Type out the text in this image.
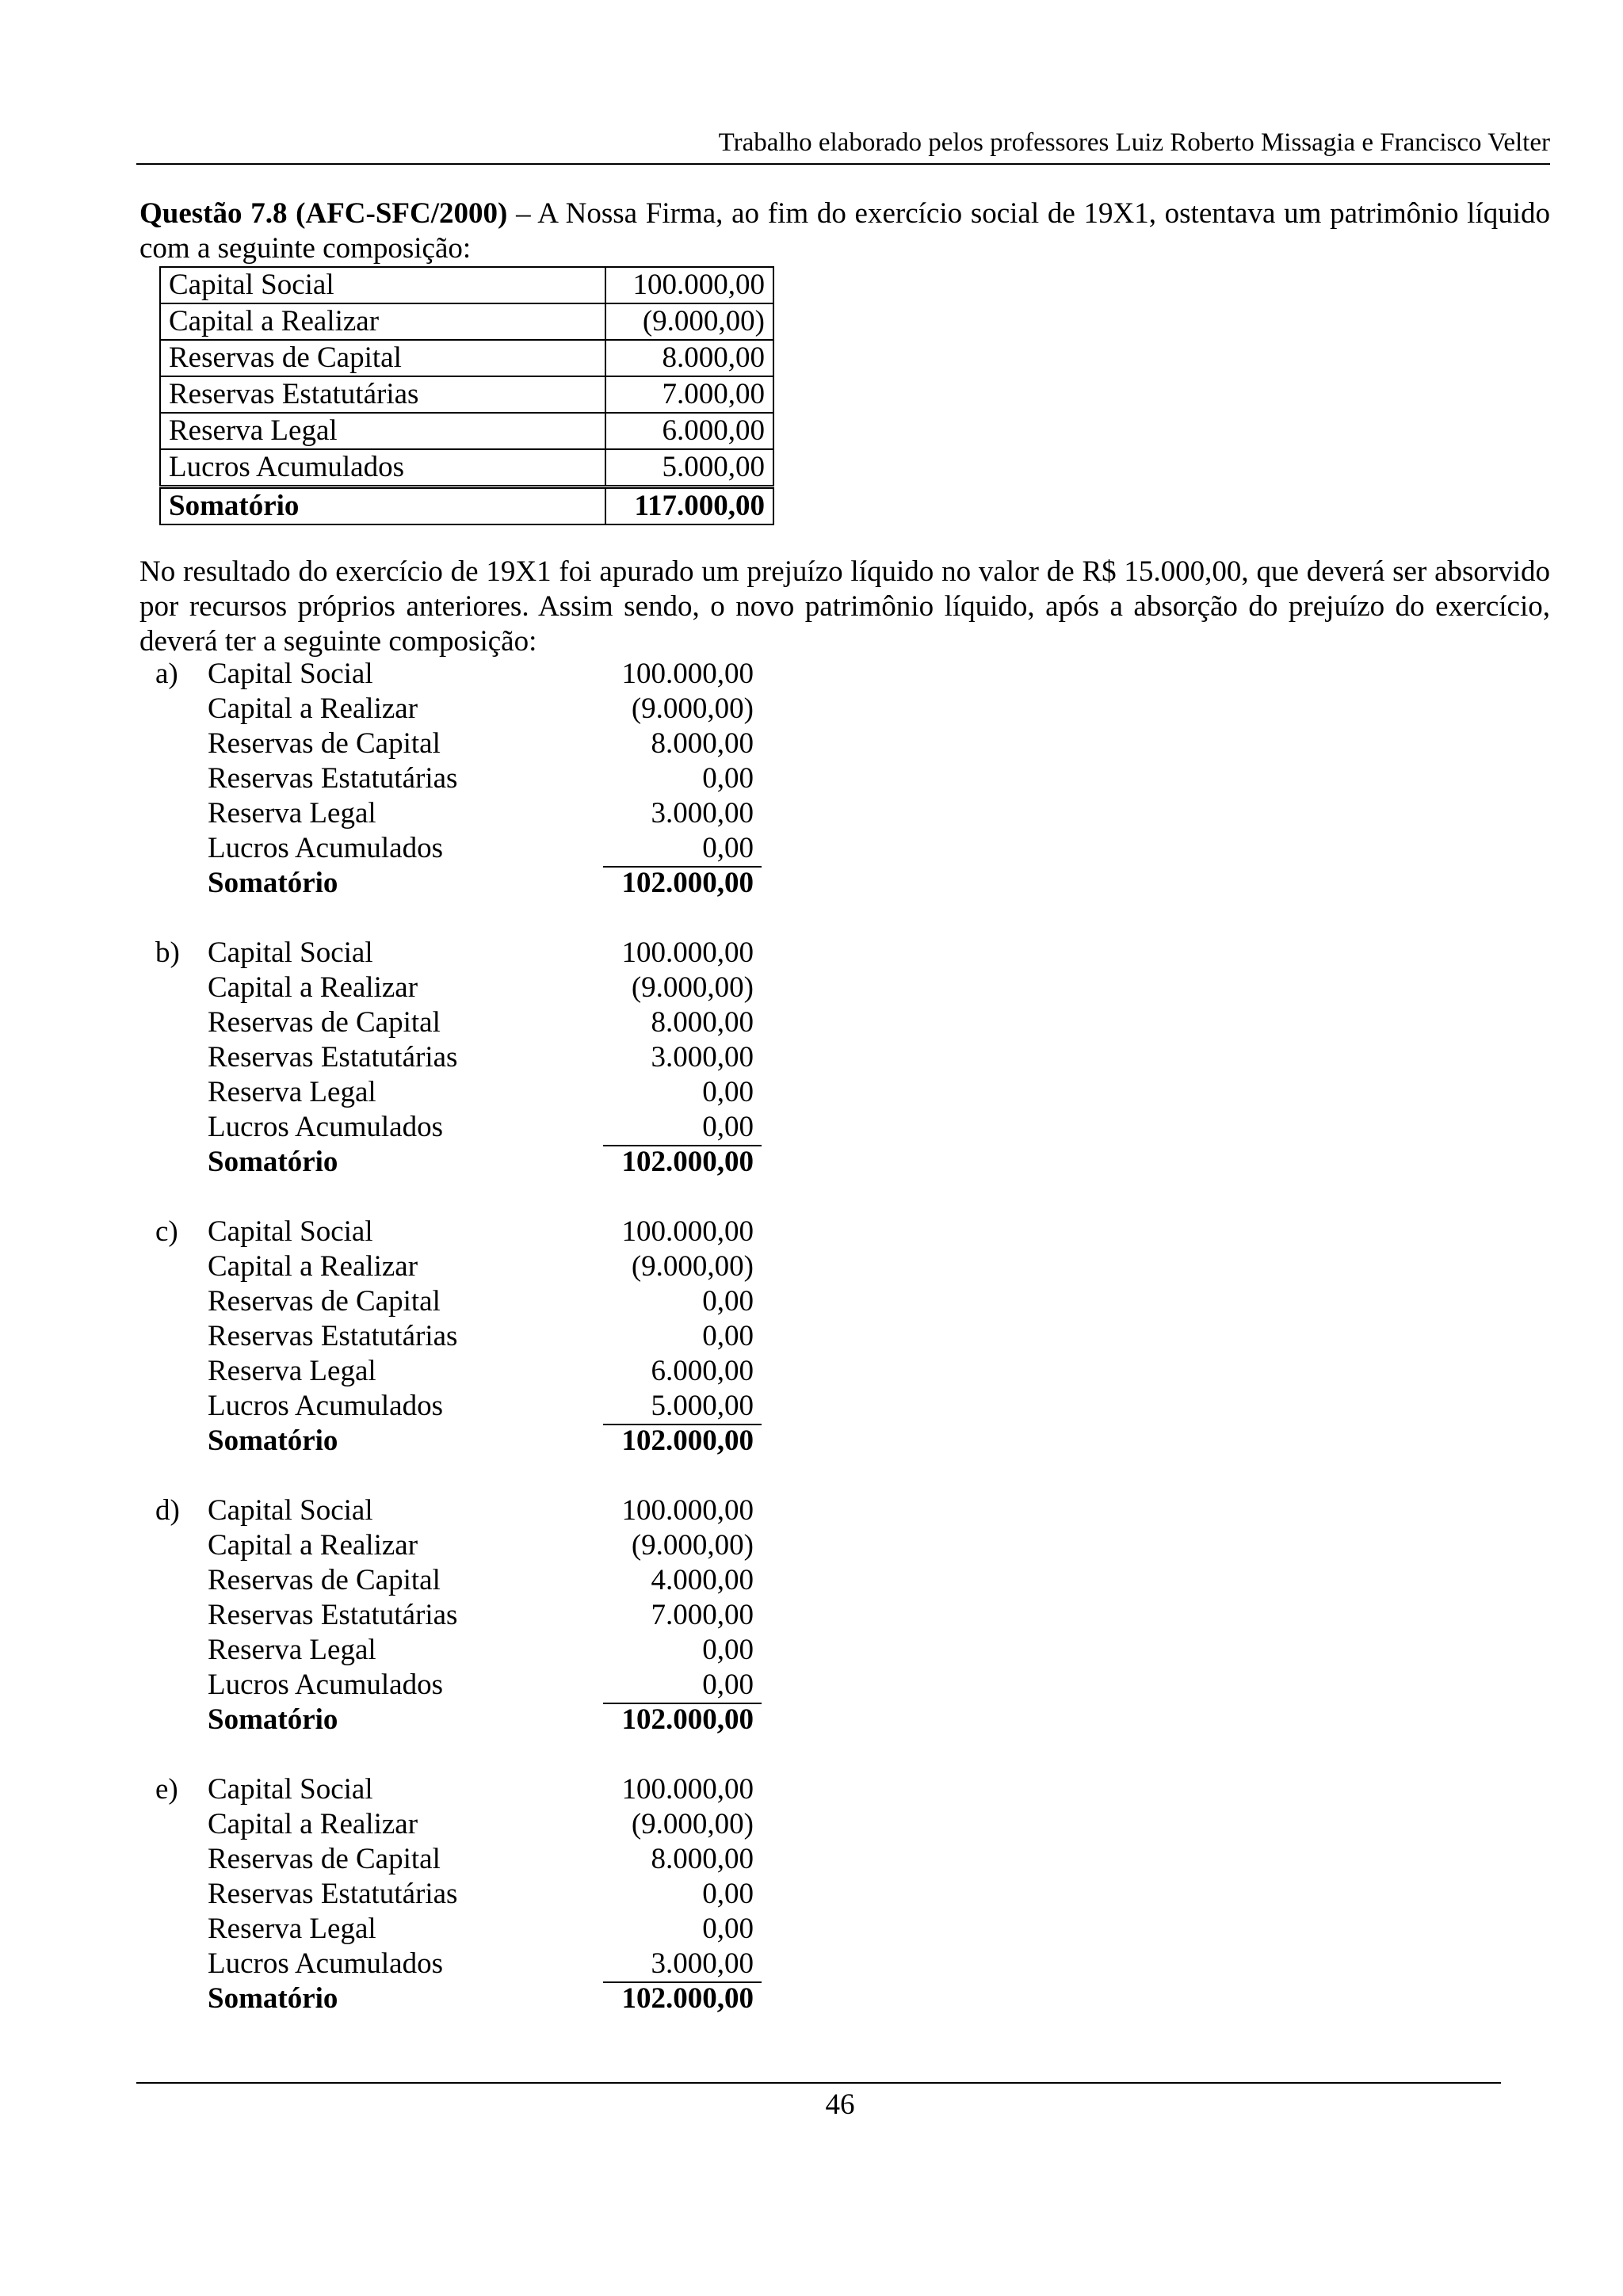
Trabalho elaborado pelos professores Luiz Roberto Missagia e Francisco Velter
Questão 7.8 (AFC-SFC/2000) – A Nossa Firma, ao fim do exercício social de 19X1, ostentava um patrimônio líquido com a seguinte composição:
Capital Social	100.000,00
Capital a Realizar	(9.000,00)
Reservas de Capital	8.000,00
Reservas Estatutárias	7.000,00
Reserva Legal	6.000,00
Lucros Acumulados	5.000,00
Somatório	117.000,00
No resultado do exercício de 19X1 foi apurado um prejuízo líquido no valor de R$ 15.000,00, que deverá ser absorvido por recursos próprios anteriores. Assim sendo, o novo patrimônio líquido, após a absorção do prejuízo do exercício, deverá ter a seguinte composição:
a) Capital Social	100.000,00
Capital a Realizar	(9.000,00)
Reservas de Capital	8.000,00
Reservas Estatutárias	0,00
Reserva Legal	3.000,00
Lucros Acumulados	0,00
Somatório	102.000,00
b) Capital Social	100.000,00
Capital a Realizar	(9.000,00)
Reservas de Capital	8.000,00
Reservas Estatutárias	3.000,00
Reserva Legal	0,00
Lucros Acumulados	0,00
Somatório	102.000,00
c) Capital Social	100.000,00
Capital a Realizar	(9.000,00)
Reservas de Capital	0,00
Reservas Estatutárias	0,00
Reserva Legal	6.000,00
Lucros Acumulados	5.000,00
Somatório	102.000,00
d) Capital Social	100.000,00
Capital a Realizar	(9.000,00)
Reservas de Capital	4.000,00
Reservas Estatutárias	7.000,00
Reserva Legal	0,00
Lucros Acumulados	0,00
Somatório	102.000,00
e) Capital Social	100.000,00
Capital a Realizar	(9.000,00)
Reservas de Capital	8.000,00
Reservas Estatutárias	0,00
Reserva Legal	0,00
Lucros Acumulados	3.000,00
Somatório	102.000,00
46
